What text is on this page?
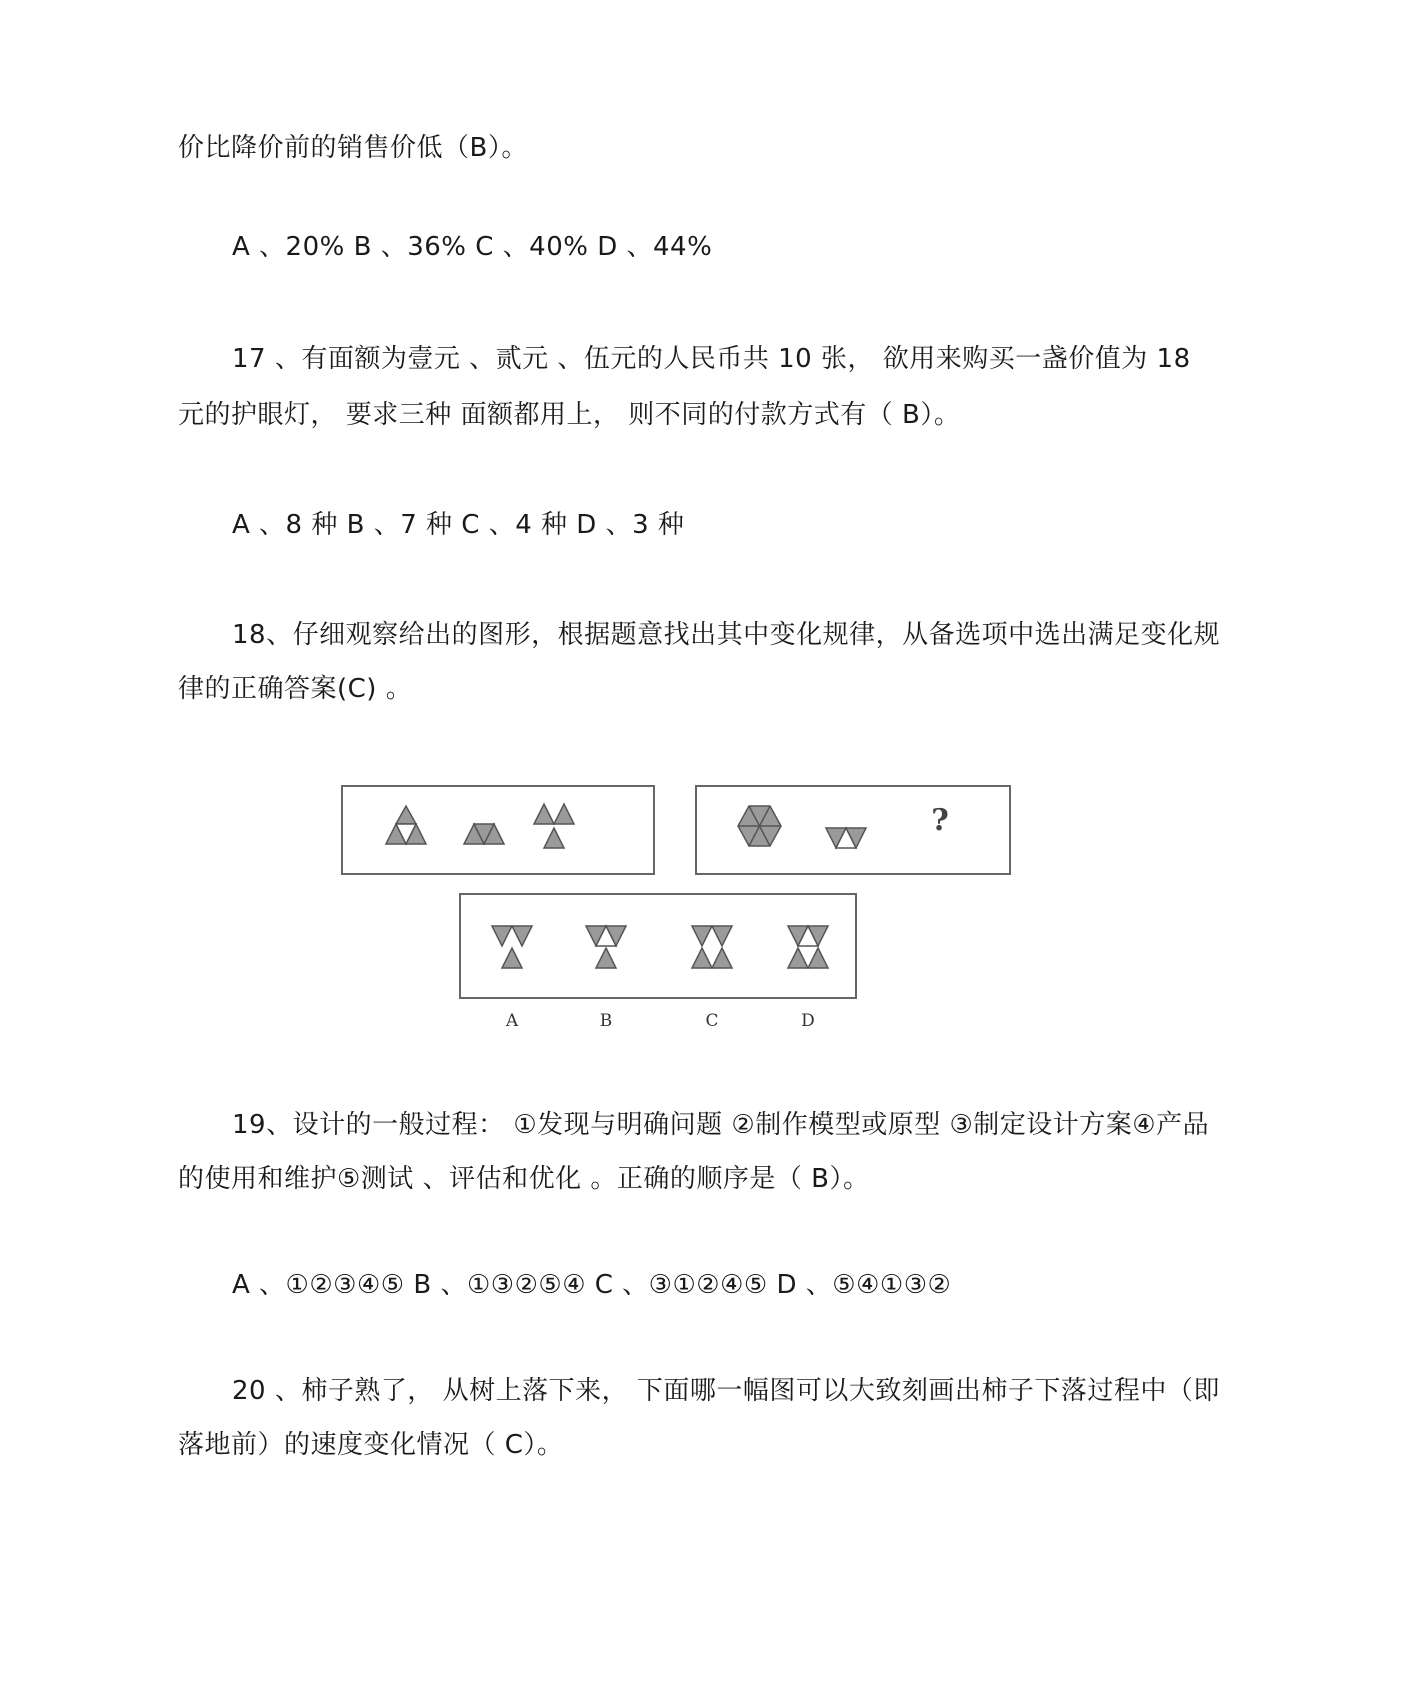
价比降价前的销售价低（B）。
A 、20% B 、36% C 、40% D 、44%
17 、有面额为壹元 、贰元 、伍元的人民币共 10 张， 欲用来购买一盏价值为 18
元的护眼灯， 要求三种 面额都用上， 则不同的付款方式有（ B）。
A 、8 种 B 、7 种 C 、4 种 D 、3 种
18、仔细观察给出的图形，根据题意找出其中变化规律，从备选项中选出满足变化规
律的正确答案(C) 。
?
A	B	C	D
19、设计的一般过程： ①发现与明确问题 ②制作模型或原型 ③制定设计方案④产品
的使用和维护⑤测试 、评估和优化 。正确的顺序是（ B）。
A 、①②③④⑤ B 、①③②⑤④ C 、③①②④⑤ D 、⑤④①③②
20 、柿子熟了， 从树上落下来， 下面哪一幅图可以大致刻画出柿子下落过程中（即
落地前）的速度变化情况（ C）。
